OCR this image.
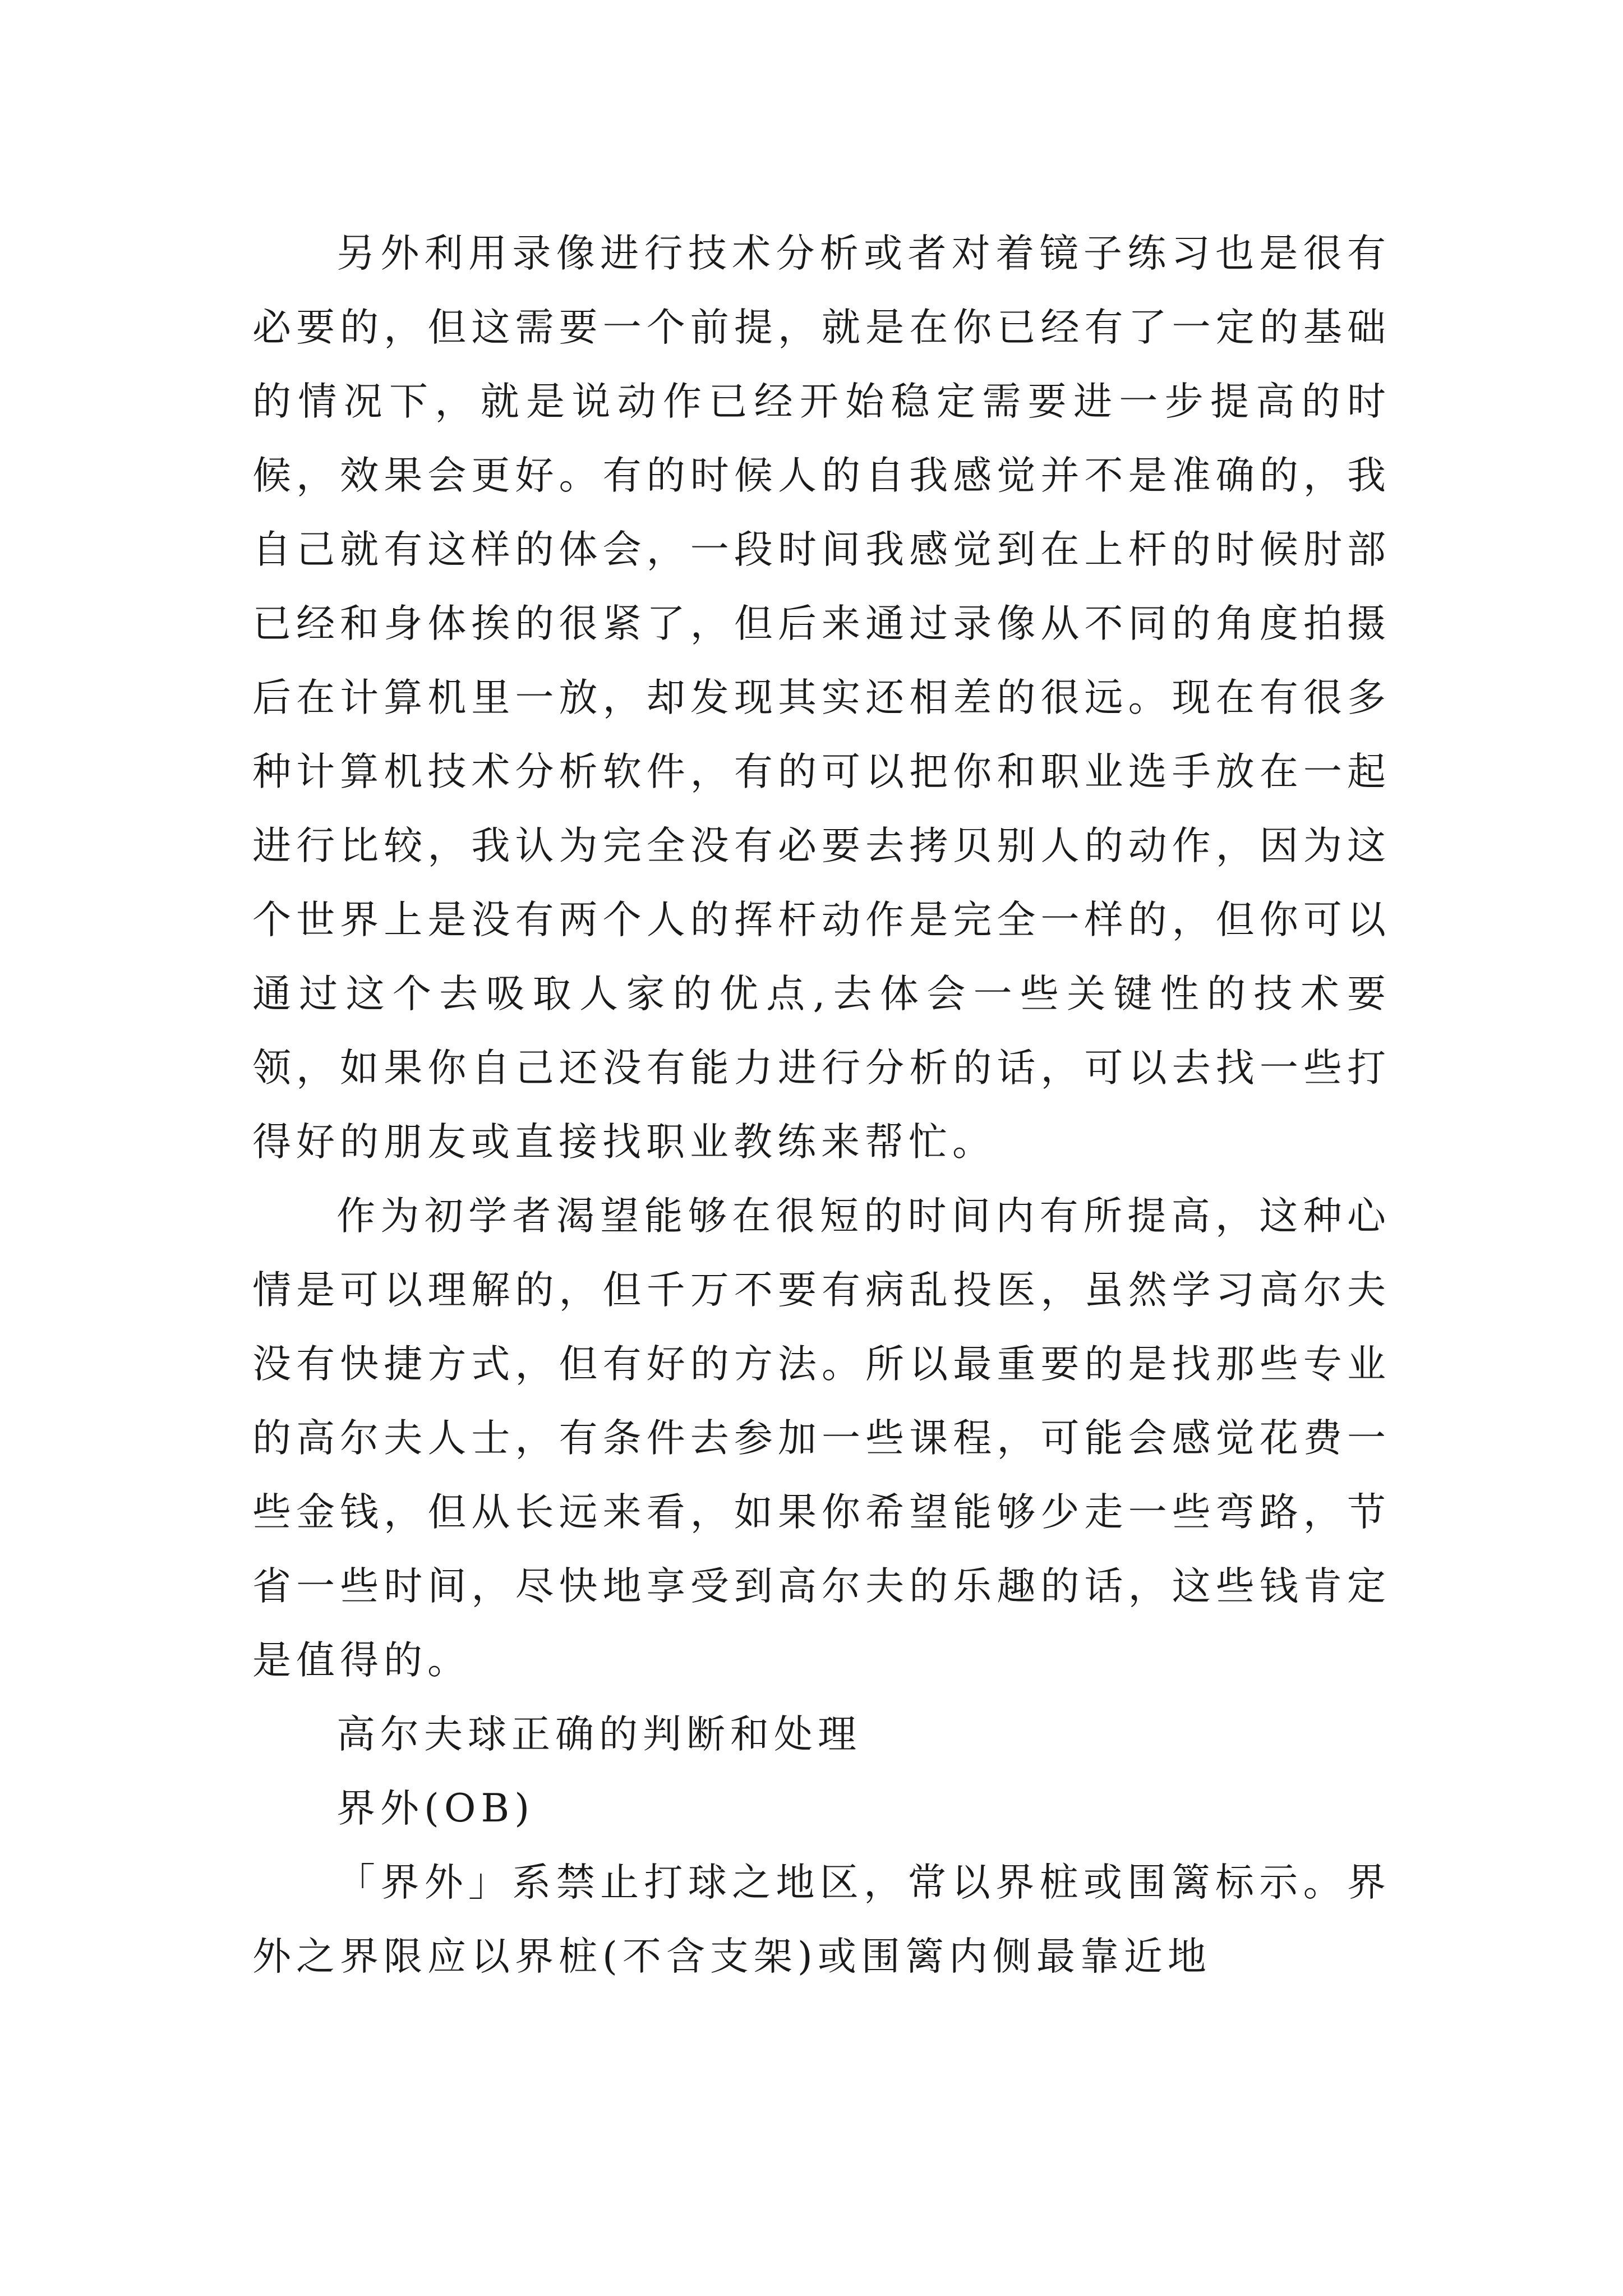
另外利用录像进行技术分析或者对着镜子练习也是很有必要的，但这需要一个前提，就是在你已经有了一定的基础的情况下，就是说动作已经开始稳定需要进一步提高的时候，效果会更好。有的时候人的自我感觉并不是准确的，我自己就有这样的体会，一段时间我感觉到在上杆的时候肘部已经和身体挨的很紧了，但后来通过录像从不同的角度拍摄后在计算机里一放，却发现其实还相差的很远。现在有很多种计算机技术分析软件，有的可以把你和职业选手放在一起进行比较，我认为完全没有必要去拷贝别人的动作，因为这个世界上是没有两个人的挥杆动作是完全一样的，但你可以通过这个去吸取人家的优点,去体会一些关键性的技术要领，如果你自己还没有能力进行分析的话，可以去找一些打得好的朋友或直接找职业教练来帮忙。

作为初学者渴望能够在很短的时间内有所提高，这种心情是可以理解的，但千万不要有病乱投医，虽然学习高尔夫没有快捷方式，但有好的方法。所以最重要的是找那些专业的高尔夫人士，有条件去参加一些课程，可能会感觉花费一些金钱，但从长远来看，如果你希望能够少走一些弯路，节省一些时间，尽快地享受到高尔夫的乐趣的话，这些钱肯定是值得的。

高尔夫球正确的判断和处理

界外(OB)

「界外」系禁止打球之地区，常以界桩或围篱标示。界外之界限应以界桩(不含支架)或围篱内侧最靠近地
